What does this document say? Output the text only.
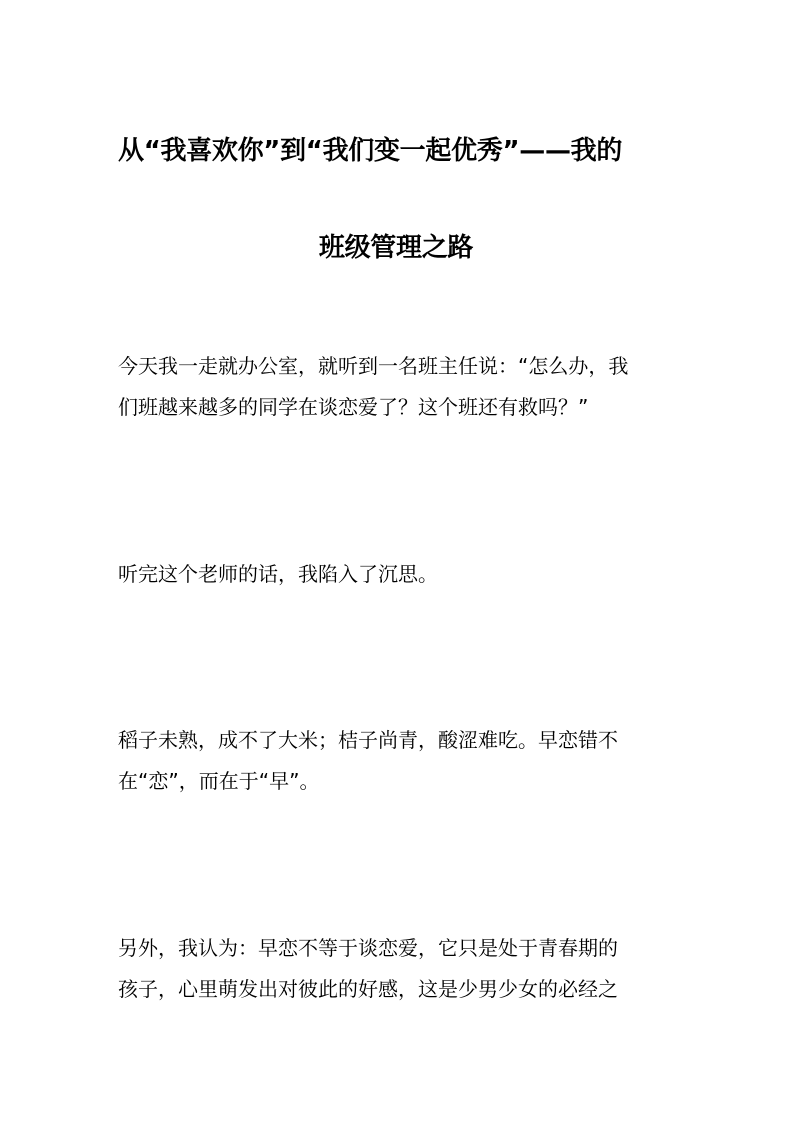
从“我喜欢你”到“我们变一起优秀”——我的
班级管理之路
今天我一走就办公室，就听到一名班主任说：“怎么办，我
们班越来越多的同学在谈恋爱了？这个班还有救吗？”
听完这个老师的话，我陷入了沉思。
稻子未熟，成不了大米；桔子尚青，酸涩难吃。早恋错不
在“恋”，而在于“早”。
另外，我认为：早恋不等于谈恋爱，它只是处于青春期的
孩子，心里萌发出对彼此的好感，这是少男少女的必经之
